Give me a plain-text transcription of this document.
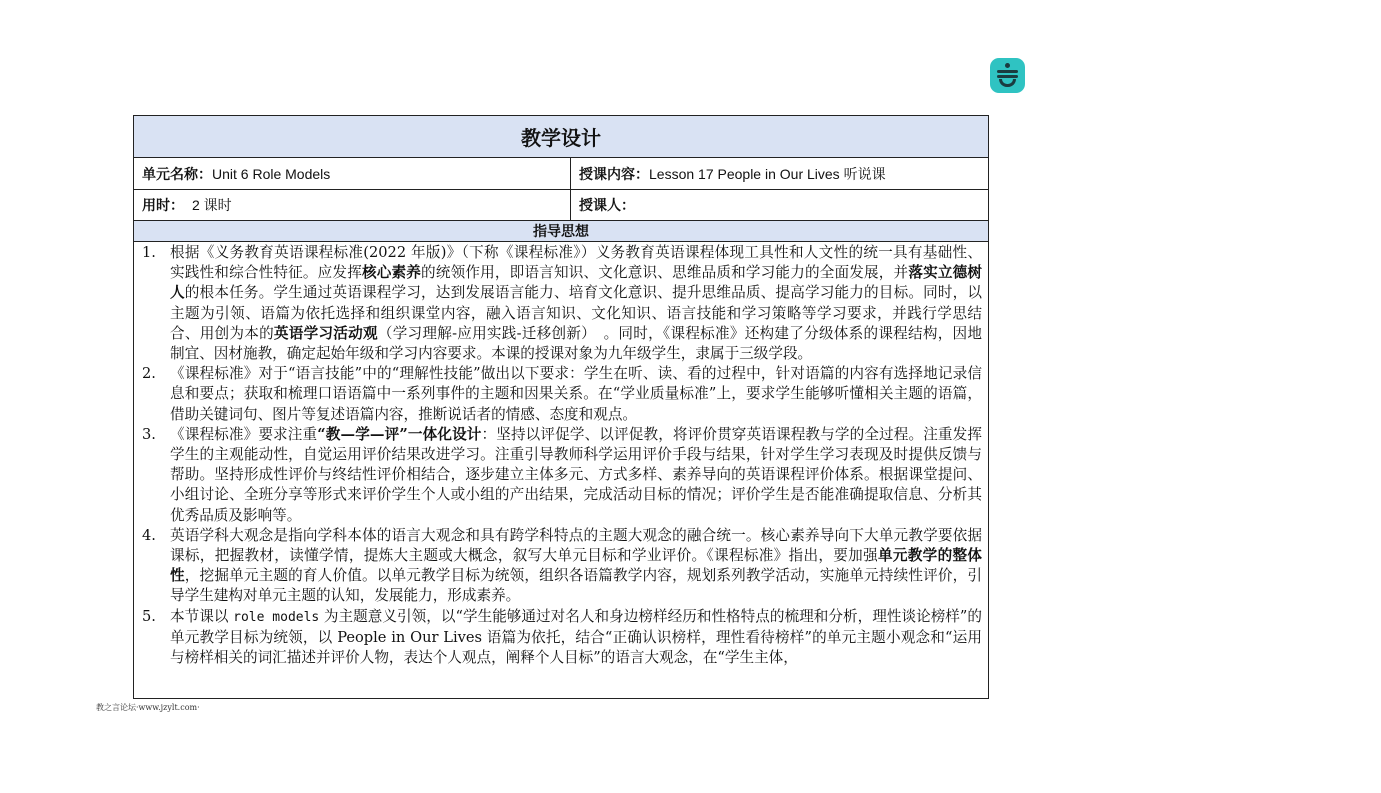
教学设计
单元名称： Unit 6 Role Models	授课内容： Lesson 17 People in Our Lives 听说课
用时： 2 课时	授课人：
指导思想
1. 根据《义务教育英语课程标准(2022 年版)》（下称《课程标准》）义务教育英语课程体现工具性和人文性的统一具有基础性、实践性和综合性特征。应发挥核心素养的统领作用，即语言知识、文化意识、思维品质和学习能力的全面发展，并落实立德树人的根本任务。学生通过英语课程学习，达到发展语言能力、培育文化意识、提升思维品质、提高学习能力的目标。同时，以主题为引领、语篇为依托选择和组织课堂内容，融入语言知识、文化知识、语言技能和学习策略等学习要求，并践行学思结合、用创为本的英语学习活动观（学习理解-应用实践-迁移创新）　。同时，《课程标准》还构建了分级体系的课程结构，因地制宜、因材施教，确定起始年级和学习内容要求。本课的授课对象为九年级学生，隶属于三级学段。
2. 《课程标准》对于“语言技能”中的“理解性技能”做出以下要求：学生在听、读、看的过程中，针对语篇的内容有选择地记录信息和要点；获取和梳理口语语篇中一系列事件的主题和因果关系。在“学业质量标准”上，要求学生能够听懂相关主题的语篇，借助关键词句、图片等复述语篇内容，推断说话者的情感、态度和观点。
3. 《课程标准》要求注重“教—学—评”一体化设计：坚持以评促学、以评促教，将评价贯穿英语课程教与学的全过程。注重发挥学生的主观能动性，自觉运用评价结果改进学习。注重引导教师科学运用评价手段与结果，针对学生学习表现及时提供反馈与帮助。坚持形成性评价与终结性评价相结合，逐步建立主体多元、方式多样、素养导向的英语课程评价体系。根据课堂提问、小组讨论、全班分享等形式来评价学生个人或小组的产出结果，完成活动目标的情况；评价学生是否能准确提取信息、分析其优秀品质及影响等。
4. 英语学科大观念是指向学科本体的语言大观念和具有跨学科特点的主题大观念的融合统一。核心素养导向下大单元教学要依据课标，把握教材，读懂学情，提炼大主题或大概念，叙写大单元目标和学业评价。《课程标准》指出，要加强单元教学的整体性，挖掘单元主题的育人价值。以单元教学目标为统领，组织各语篇教学内容，规划系列教学活动，实施单元持续性评价，引导学生建构对单元主题的认知，发展能力，形成素养。
5. 本节课以 role models 为主题意义引领，以“学生能够通过对名人和身边榜样经历和性格特点的梳理和分析，理性谈论榜样”的单元教学目标为统领，以 People in Our Lives 语篇为依托，结合“正确认识榜样，理性看待榜样”的单元主题小观念和“运用与榜样相关的词汇描述并评价人物，表达个人观点，阐释个人目标”的语言大观念，在“学生主体，
教之言论坛·www.jzylt.com·
